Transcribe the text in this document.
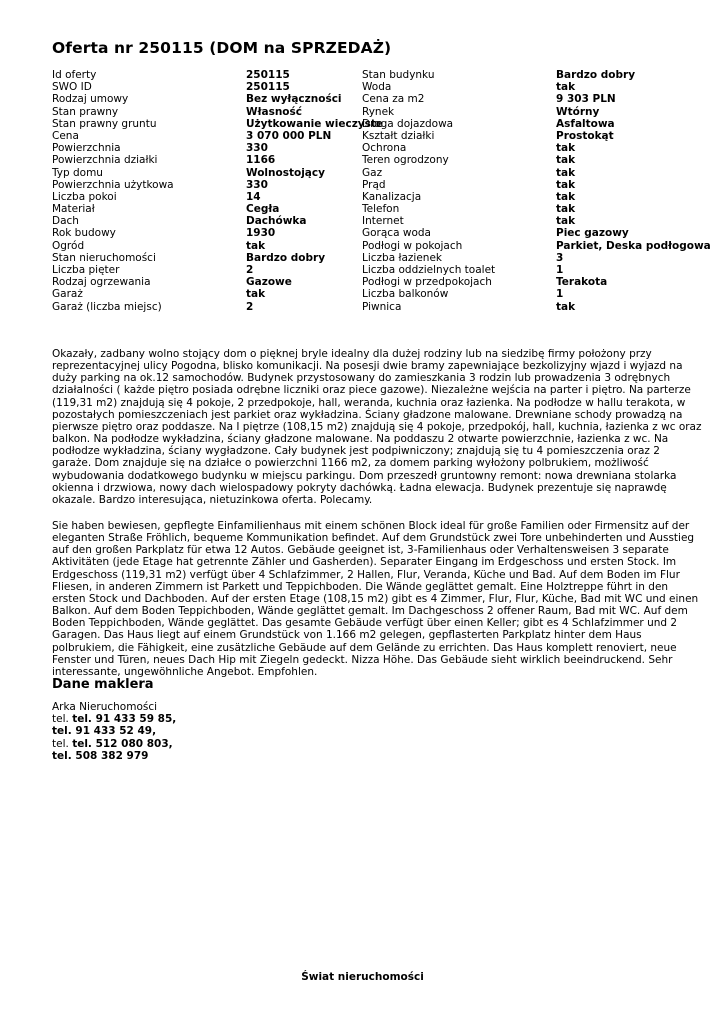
Oferta nr 250115 (DOM na SPRZEDAŻ)
Id oferty
SWO ID
Rodzaj umowy
Stan prawny
Stan prawny gruntu
Cena
Powierzchnia
Powierzchnia działki
Typ domu
Powierzchnia użytkowa
Liczba pokoi
Materiał
Dach
Rok budowy
Ogród
Stan nieruchomości
Liczba pięter
Rodzaj ogrzewania
Garaż
Garaż (liczba miejsc)
250115
250115
Bez wyłączności
Własność
Użytkowanie wieczyste
3 070 000 PLN
330
1166
Wolnostojący
330
14
Cegła
Dachówka
1930
tak
Bardzo dobry
2
Gazowe
tak
2
Stan budynku
Woda
Cena za m2
Rynek
Droga dojazdowa
Kształt działki
Ochrona
Teren ogrodzony
Gaz
Prąd
Kanalizacja
Telefon
Internet
Gorąca woda
Podłogi w pokojach
Liczba łazienek
Liczba oddzielnych toalet
Podłogi w przedpokojach
Liczba balkonów
Piwnica
Bardzo dobry
tak
9 303 PLN
Wtórny
Asfaltowa
Prostokąt
tak
tak
tak
tak
tak
tak
tak
Piec gazowy
Parkiet, Deska podłogowa
3
1
Terakota
1
tak

Okazały, zadbany wolno stojący dom o pięknej bryle idealny dla dużej rodziny lub na siedzibę firmy położony przy reprezentacyjnej ulicy Pogodna, blisko komunikacji. Na posesji dwie bramy zapewniające bezkolizyjny wjazd i wyjazd na duży parking na ok.12 samochodów. Budynek przystosowany do zamieszkania 3 rodzin lub prowadzenia 3 odrębnych działalności ( każde piętro posiada odrębne liczniki oraz piece gazowe). Niezależne wejścia na parter i piętro. Na parterze (119,31 m2) znajdują się 4 pokoje, 2 przedpokoje, hall, weranda, kuchnia oraz łazienka. Na podłodze w hallu terakota, w pozostałych pomieszczeniach jest parkiet oraz wykładzina. Ściany gładzone malowane. Drewniane schody prowadzą na pierwsze piętro oraz poddasze. Na I piętrze (108,15 m2) znajdują się 4 pokoje, przedpokój, hall, kuchnia, łazienka z wc oraz balkon. Na podłodze wykładzina, ściany gładzone malowane. Na poddaszu 2 otwarte powierzchnie, łazienka z wc. Na podłodze wykładzina, ściany wygładzone. Cały budynek jest podpiwniczony; znajdują się tu 4 pomieszczenia oraz 2 garaże. Dom znajduje się na działce o powierzchni 1166 m2, za domem parking wyłożony polbrukiem, możliwość wybudowania dodatkowego budynku w miejscu parkingu. Dom przeszedł gruntowny remont: nowa drewniana stolarka okienna i drzwiowa, nowy dach wielospadowy pokryty dachówką. Ładna elewacja. Budynek prezentuje się naprawdę okazale. Bardzo interesująca, nietuzinkowa oferta. Polecamy.

Sie haben bewiesen, gepflegte Einfamilienhaus mit einem schönen Block ideal für große Familien oder Firmensitz auf der eleganten Straße Fröhlich, bequeme Kommunikation befindet. Auf dem Grundstück zwei Tore unbehinderten und Ausstieg auf den großen Parkplatz für etwa 12 Autos. Gebäude geeignet ist, 3-Familienhaus oder Verhaltensweisen 3 separate Aktivitäten (jede Etage hat getrennte Zähler und Gasherden). Separater Eingang im Erdgeschoss und ersten Stock. Im Erdgeschoss (119,31 m2) verfügt über 4 Schlafzimmer, 2 Hallen, Flur, Veranda, Küche und Bad. Auf dem Boden im Flur Fliesen, in anderen Zimmern ist Parkett und Teppichboden. Die Wände geglättet gemalt. Eine Holztreppe führt in den ersten Stock und Dachboden. Auf der ersten Etage (108,15 m2) gibt es 4 Zimmer, Flur, Flur, Küche, Bad mit WC und einen Balkon. Auf dem Boden Teppichboden, Wände geglättet gemalt. Im Dachgeschoss 2 offener Raum, Bad mit WC. Auf dem Boden Teppichboden, Wände geglättet. Das gesamte Gebäude verfügt über einen Keller; gibt es 4 Schlafzimmer und 2 Garagen. Das Haus liegt auf einem Grundstück von 1.166 m2 gelegen, gepflasterten Parkplatz hinter dem Haus polbrukiem, die Fähigkeit, eine zusätzliche Gebäude auf dem Gelände zu errichten. Das Haus komplett renoviert, neue Fenster und Türen, neues Dach Hip mit Ziegeln gedeckt. Nizza Höhe. Das Gebäude sieht wirklich beeindruckend. Sehr interessante, ungewöhnliche Angebot. Empfohlen.

Dane maklera
Arka Nieruchomości
tel. tel. 91 433 59 85,
tel. 91 433 52 49,
tel. tel. 512 080 803,
tel. 508 382 979
Świat nieruchomości
